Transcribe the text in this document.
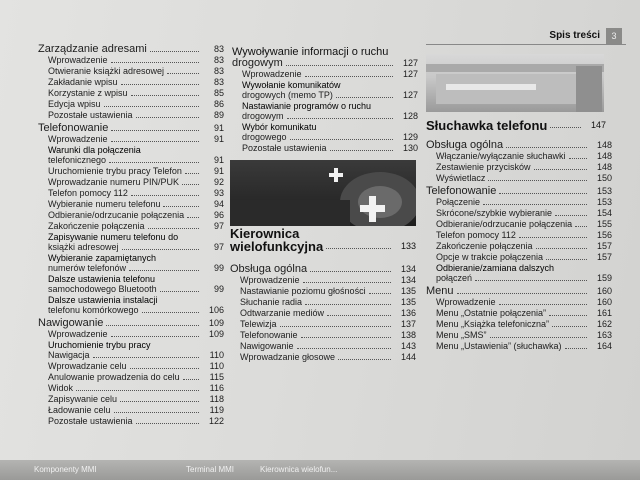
Spis treści	3
Zarządzanie adresami	83
Wprowadzenie	83
Otwieranie książki adresowej	83
Zakładanie wpisu	83
Korzystanie z wpisu	85
Edycja wpisu	86
Pozostałe ustawienia	89
Telefonowanie	91
Wprowadzenie	91
Warunki dla połączenia
telefonicznego	91
Uruchomienie trybu pracy Telefon	91
Wprowadzanie numeru PIN/PUK	92
Telefon pomocy 112	93
Wybieranie numeru telefonu	94
Odbieranie/odrzucanie połączenia	96
Zakończenie połączenia	97
Zapisywanie numeru telefonu do
książki adresowej	97
Wybieranie zapamiętanych
numerów telefonów	99
Dalsze ustawienia telefonu
samochodowego Bluetooth	99
Dalsze ustawienia instalacji
telefonu komórkowego	106
Nawigowanie	109
Wprowadzenie	109
Uruchomienie trybu pracy
Nawigacja	110
Wprowadzanie celu	110
Anulowanie prowadzenia do celu	115
Widok	116
Zapisywanie celu	118
Ładowanie celu	119
Pozostałe ustawienia	122
Wywoływanie informacji o ruchu
drogowym	127
Wprowadzenie	127
Wywołanie komunikatów
drogowych (memo TP)	127
Nastawianie programów o ruchu
drogowym	128
Wybór komunikatu
drogowego	129
Pozostałe ustawienia	130
Kierownica
wielofunkcyjna	133
Obsługa ogólna	134
Wprowadzenie	134
Nastawianie poziomu głośności	135
Słuchanie radia	135
Odtwarzanie mediów	136
Telewizja	137
Telefonowanie	138
Nawigowanie	143
Wprowadzanie głosowe	144
Słuchawka telefonu	147
Obsługa ogólna	148
Włączanie/wyłączanie słuchawki	148
Zestawienie przycisków	148
Wyświetlacz	150
Telefonowanie	153
Połączenie	153
Skrócone/szybkie wybieranie	154
Odbieranie/odrzucanie połączenia	155
Telefon pomocy 112	156
Zakończenie połączenia	157
Opcje w trakcie połączenia	157
Odbieranie/zamiana dalszych
połączeń	159
Menu	160
Wprowadzenie	160
Menu „Ostatnie połączenia”	161
Menu „Książka telefoniczna”	162
Menu „SMS”	163
Menu „Ustawienia” (słuchawka)	164
Komponenty MMI	Terminal MMI	Kierownica wielofun...
